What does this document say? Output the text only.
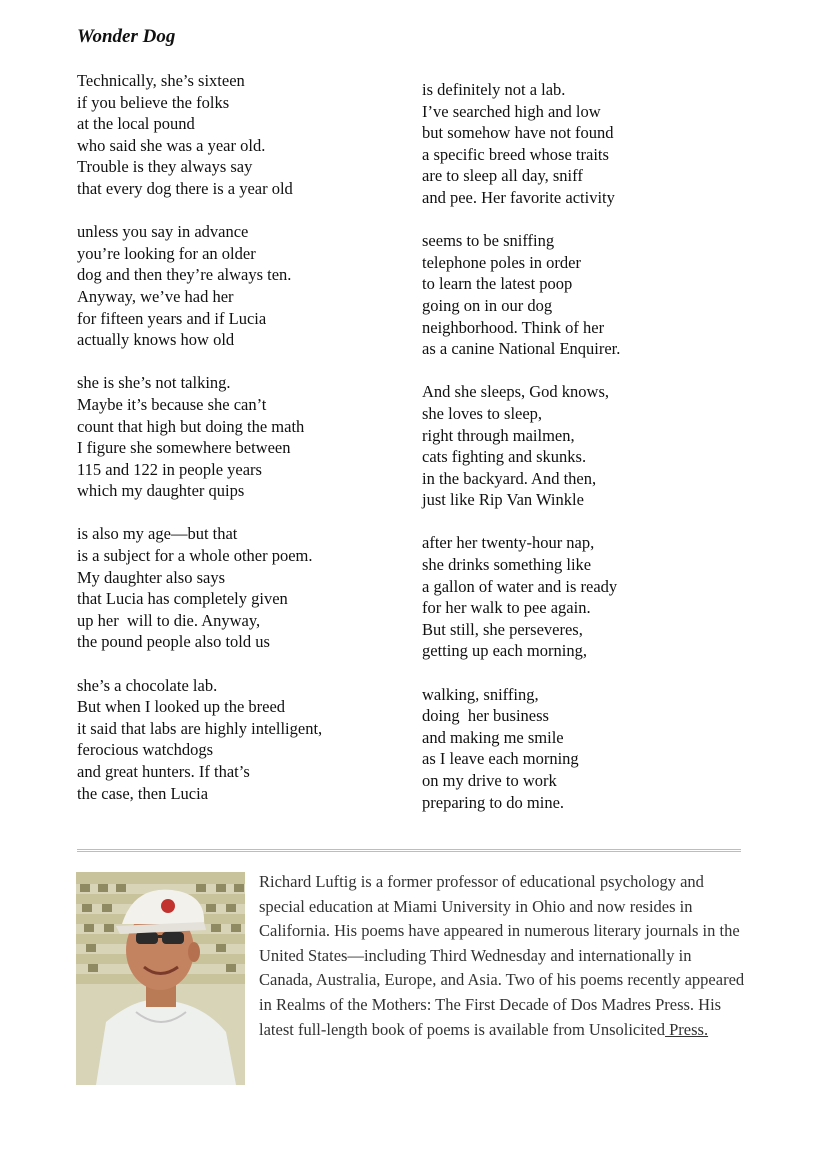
Wonder Dog

Technically, she’s sixteen
if you believe the folks
at the local pound
who said she was a year old.
Trouble is they always say
that every dog there is a year old

unless you say in advance
you’re looking for an older
dog and then they’re always ten.
Anyway, we’ve had her
for fifteen years and if Lucia
actually knows how old

she is she’s not talking.
Maybe it’s because she can’t
count that high but doing the math
I figure she somewhere between
115 and 122 in people years
which my daughter quips

is also my age—but that
is a subject for a whole other poem.
My daughter also says
that Lucia has completely given
up her  will to die. Anyway,
the pound people also told us

she’s a chocolate lab.
But when I looked up the breed
it said that labs are highly intelligent,
ferocious watchdogs
and great hunters. If that’s
the case, then Lucia

is definitely not a lab.
I’ve searched high and low
but somehow have not found
a specific breed whose traits
are to sleep all day, sniff
and pee. Her favorite activity

seems to be sniffing
telephone poles in order
to learn the latest poop
going on in our dog
neighborhood. Think of her
as a canine National Enquirer.

And she sleeps, God knows,
she loves to sleep,
right through mailmen,
cats fighting and skunks.
in the backyard. And then,
just like Rip Van Winkle

after her twenty-hour nap,
she drinks something like
a gallon of water and is ready
for her walk to pee again.
But still, she perseveres,
getting up each morning,

walking, sniffing,
doing  her business
and making me smile
as I leave each morning
on my drive to work
preparing to do mine.

Richard Luftig is a former professor of educational psychology and special education at Miami University in Ohio and now resides in California. His poems have appeared in numerous literary journals in the United States—including Third Wednesday and internationally in Canada, Australia, Europe, and Asia. Two of his poems recently appeared in Realms of the Mothers: The First Decade of Dos Madres Press. His latest full-length book of poems is available from Unsolicited Press.
